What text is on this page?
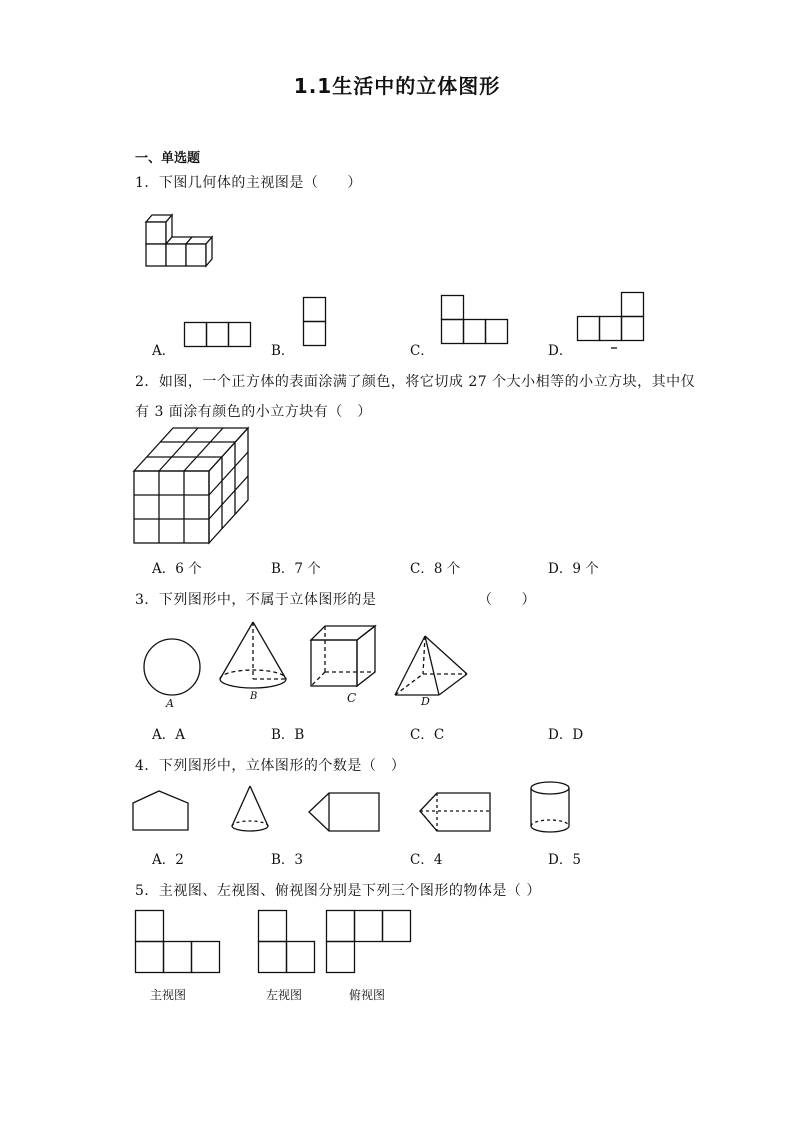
1.1生活中的立体图形
一、单选题
1．下图几何体的主视图是（　　）
A．	B．	C．	D．
2．如图，一个正方体的表面涂满了颜色，将它切成 27 个大小相等的小立方块，其中仅
有 3 面涂有颜色的小立方块有（　）
A．6 个	B．7 个	C．8 个	D．9 个
3．下列图形中，不属于立体图形的是	（　　）
A
B	C	D
A．A	B．B	C．C	D．D
4．下列图形中，立体图形的个数是（　）
A．2	B．3	C．4	D．5
5．主视图、左视图、俯视图分别是下列三个图形的物体是（ ）
主视图	左视图	俯视图
